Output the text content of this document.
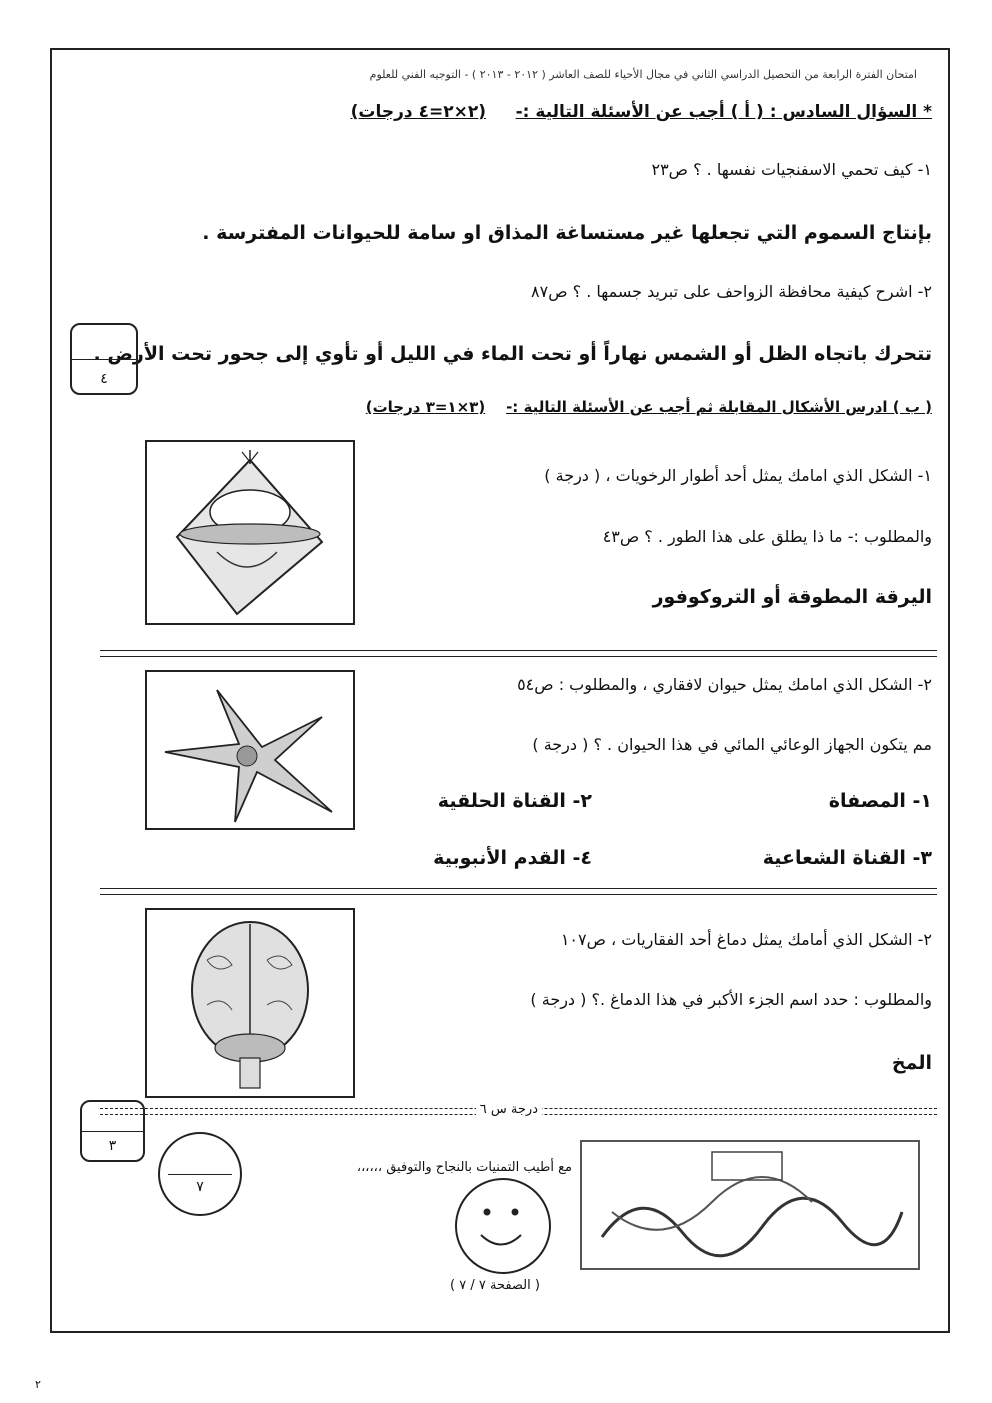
امتحان الفترة الرابعة من التحصيل الدراسي الثاني في مجال الأحياء للصف العاشر ( ٢٠١٢ - ٢٠١٣ ) - التوجيه الفني للعلوم
* السؤال السادس : ( أ ) أجب عن الأسئلة التالية :-     (٢×٢=٤ درجات)
١- كيف تحمي الاسفنجيات نفسها . ؟ ص٢٣
بإنتاج السموم التي تجعلها غير مستساغة المذاق او سامة للحيوانات المفترسة .
٢- اشرح كيفية محافظة الزواحف على تبريد جسمها . ؟ ص٨٧
تتحرك باتجاه الظل أو الشمس نهاراً أو تحت الماء في الليل أو تأوي إلى جحور تحت الأرض .
٤
( ب ) ادرس الأشكال المقابلة ثم أجب عن الأسئلة التالية :-    (٣×١=٣ درجات)
١- الشكل الذي امامك يمثل أحد أطوار الرخويات ، ( درجة )
والمطلوب :- ما ذا يطلق على هذا الطور . ؟ ص٤٣
اليرقة المطوقة أو التروكوفور
٢- الشكل الذي امامك يمثل حيوان لافقاري ، والمطلوب : ص٥٤
مم يتكون الجهاز الوعائي المائي في هذا الحيوان . ؟ ( درجة )
١- المصفاة
٢- القناة الحلقية
٣- القناة الشعاعية
٤- القدم الأنبوبية
٢- الشكل الذي أمامك يمثل دماغ أحد الفقاريات ، ص١٠٧
والمطلوب : حدد اسم الجزء الأكبر في هذا الدماغ .؟ ( درجة )
المخ
درجة س ٦
٣
٧
مع أطيب التمنيات بالنجاح والتوفيق ،،،،،،
( الصفحة ٧ / ٧ )
٢
